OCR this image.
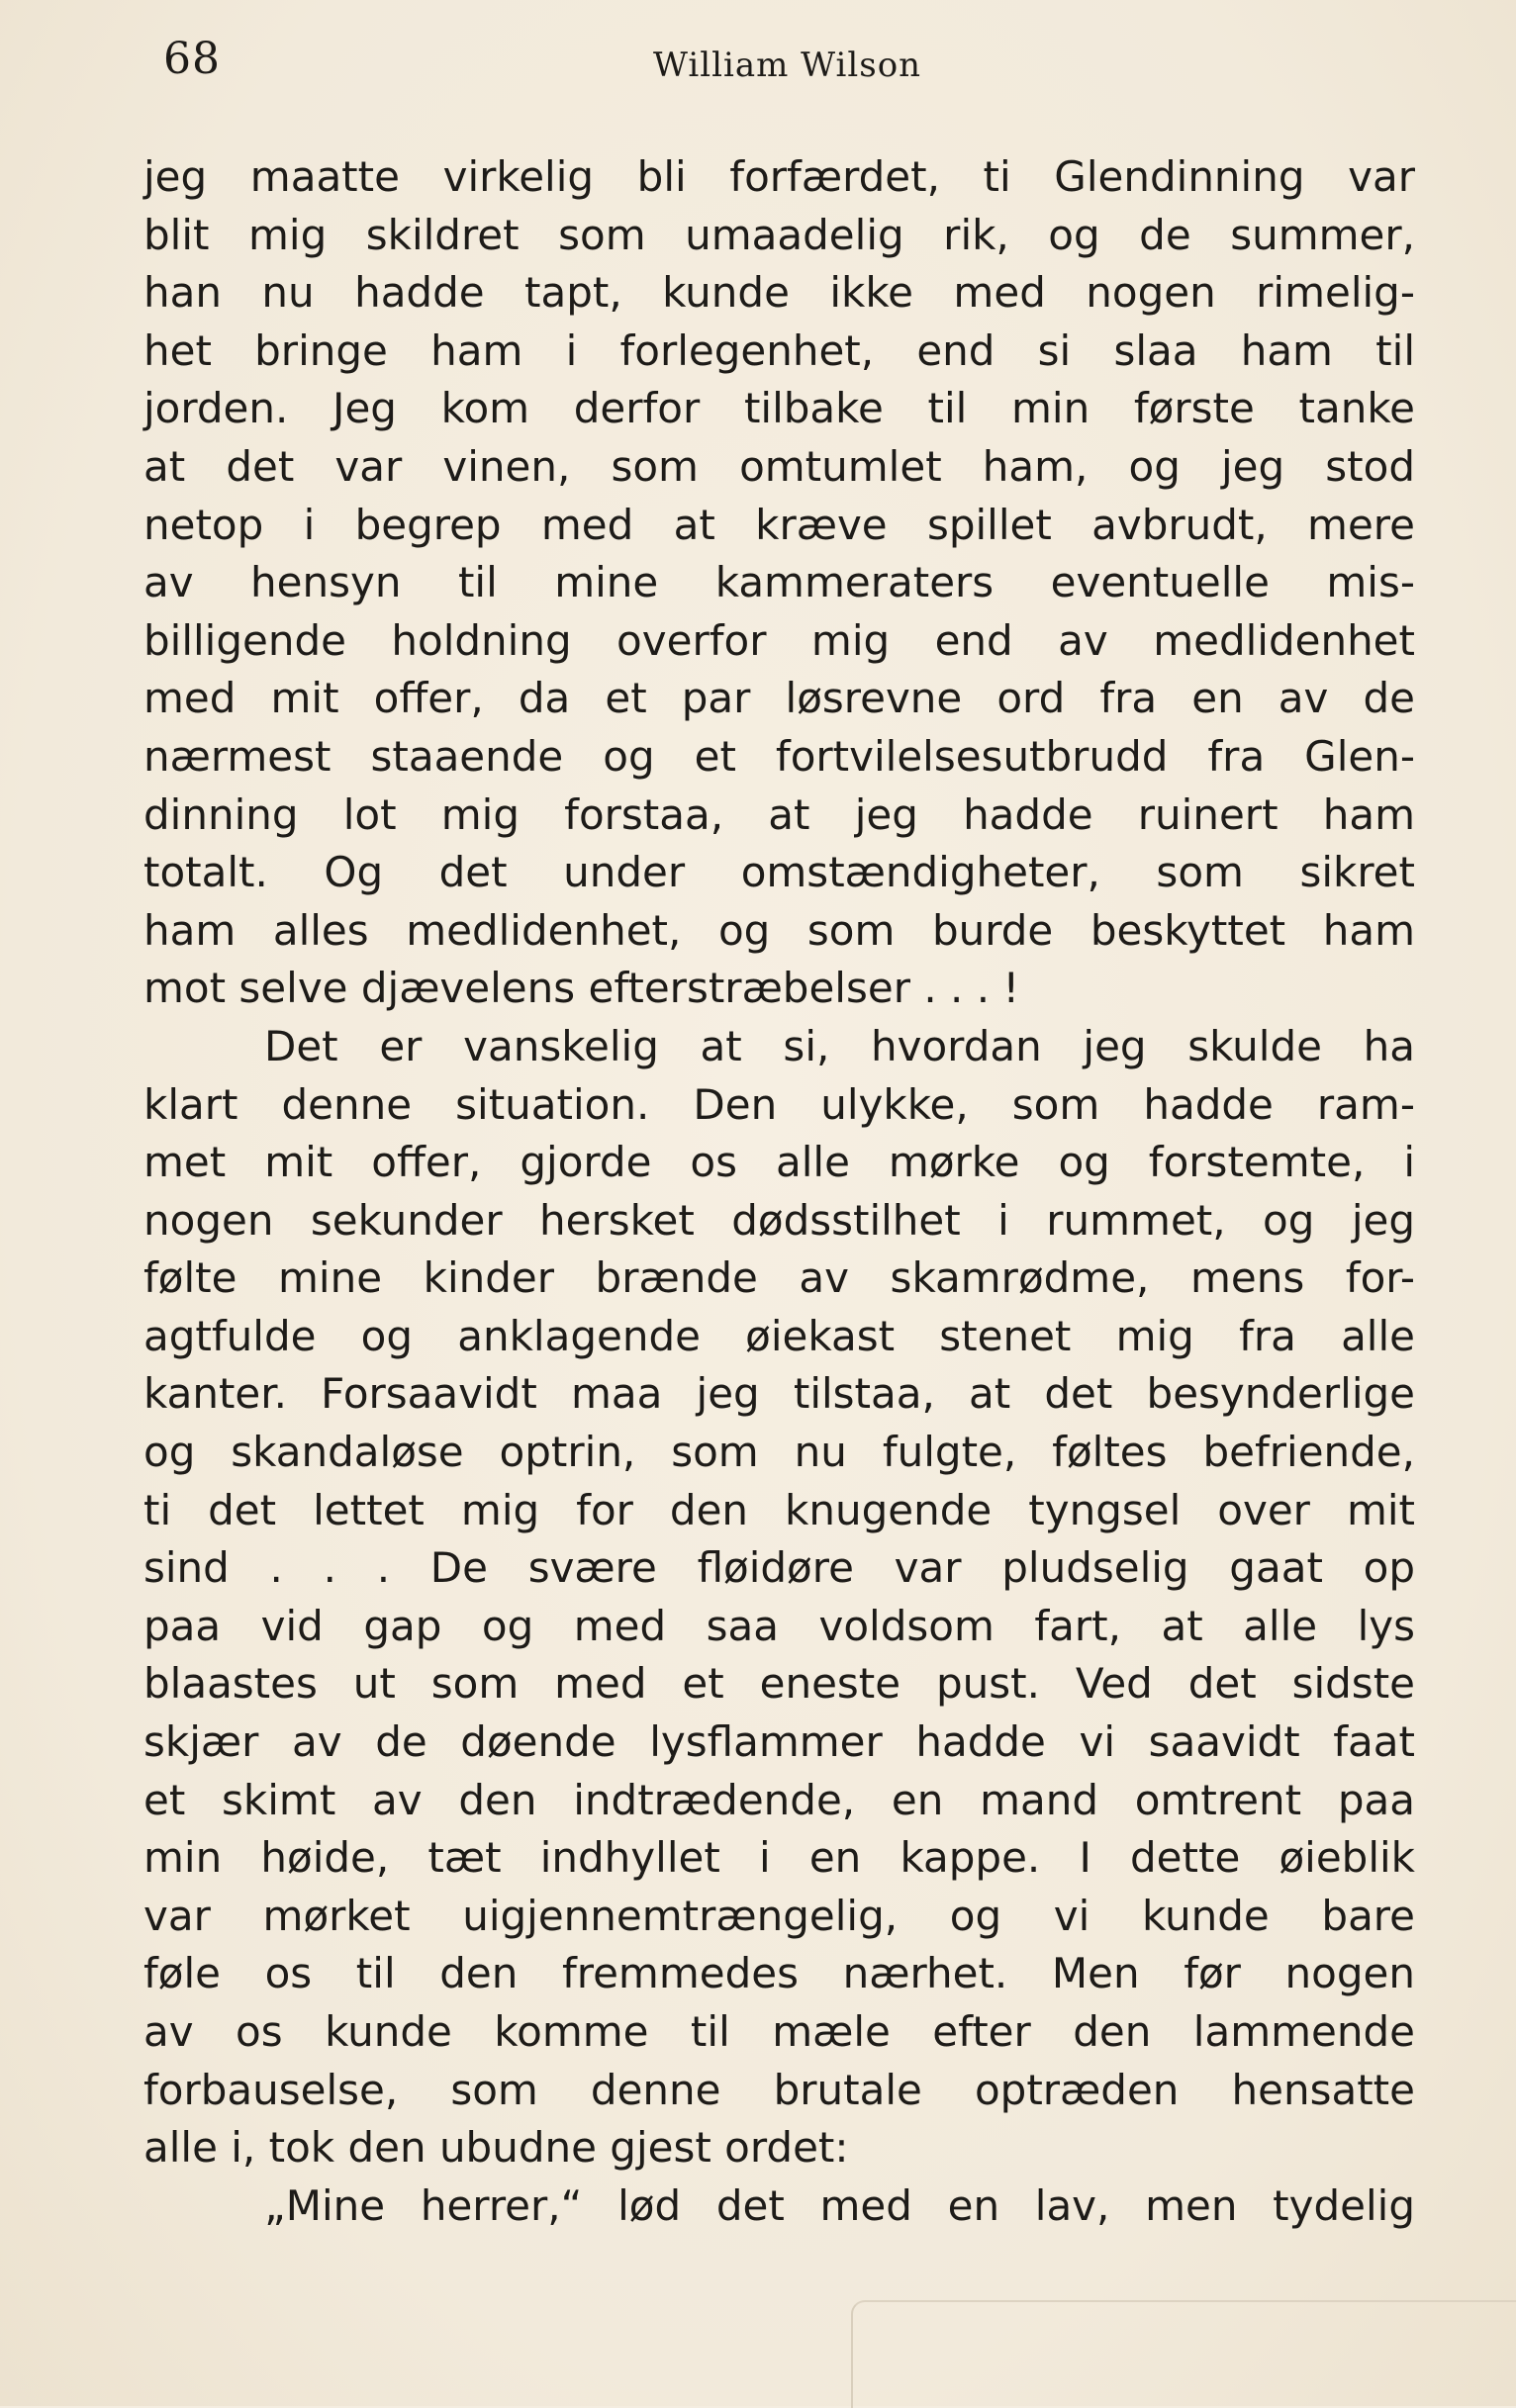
68	William Wilson
jeg maatte virkelig bli forfærdet, ti Glendinning var
blit mig skildret som umaadelig rik, og de summer,
han nu hadde tapt, kunde ikke med nogen rimelig-
het bringe ham i forlegenhet, end si slaa ham til
jorden. Jeg kom derfor tilbake til min første tanke
at det var vinen, som omtumlet ham, og jeg stod
netop i begrep med at kræve spillet avbrudt, mere
av hensyn til mine kammeraters eventuelle mis-
billigende holdning overfor mig end av medlidenhet
med mit offer, da et par løsrevne ord fra en av de
nærmest staaende og et fortvilelsesutbrudd fra Glen-
dinning lot mig forstaa, at jeg hadde ruinert ham
totalt. Og det under omstændigheter, som sikret
ham alles medlidenhet, og som burde beskyttet ham
mot selve djævelens efterstræbelser . . . !
Det er vanskelig at si, hvordan jeg skulde ha
klart denne situation. Den ulykke, som hadde ram-
met mit offer, gjorde os alle mørke og forstemte, i
nogen sekunder hersket dødsstilhet i rummet, og jeg
følte mine kinder brænde av skamrødme, mens for-
agtfulde og anklagende øiekast stenet mig fra alle
kanter. Forsaavidt maa jeg tilstaa, at det besynderlige
og skandaløse optrin, som nu fulgte, føltes befriende,
ti det lettet mig for den knugende tyngsel over mit
sind . . . De svære fløidøre var pludselig gaat op
paa vid gap og med saa voldsom fart, at alle lys
blaastes ut som med et eneste pust. Ved det sidste
skjær av de døende lysflammer hadde vi saavidt faat
et skimt av den indtrædende, en mand omtrent paa
min høide, tæt indhyllet i en kappe. I dette øieblik
var mørket uigjennemtrængelig, og vi kunde bare
føle os til den fremmedes nærhet. Men før nogen
av os kunde komme til mæle efter den lammende
forbauselse, som denne brutale optræden hensatte
alle i, tok den ubudne gjest ordet:
„Mine herrer,“ lød det med en lav, men tydelig
